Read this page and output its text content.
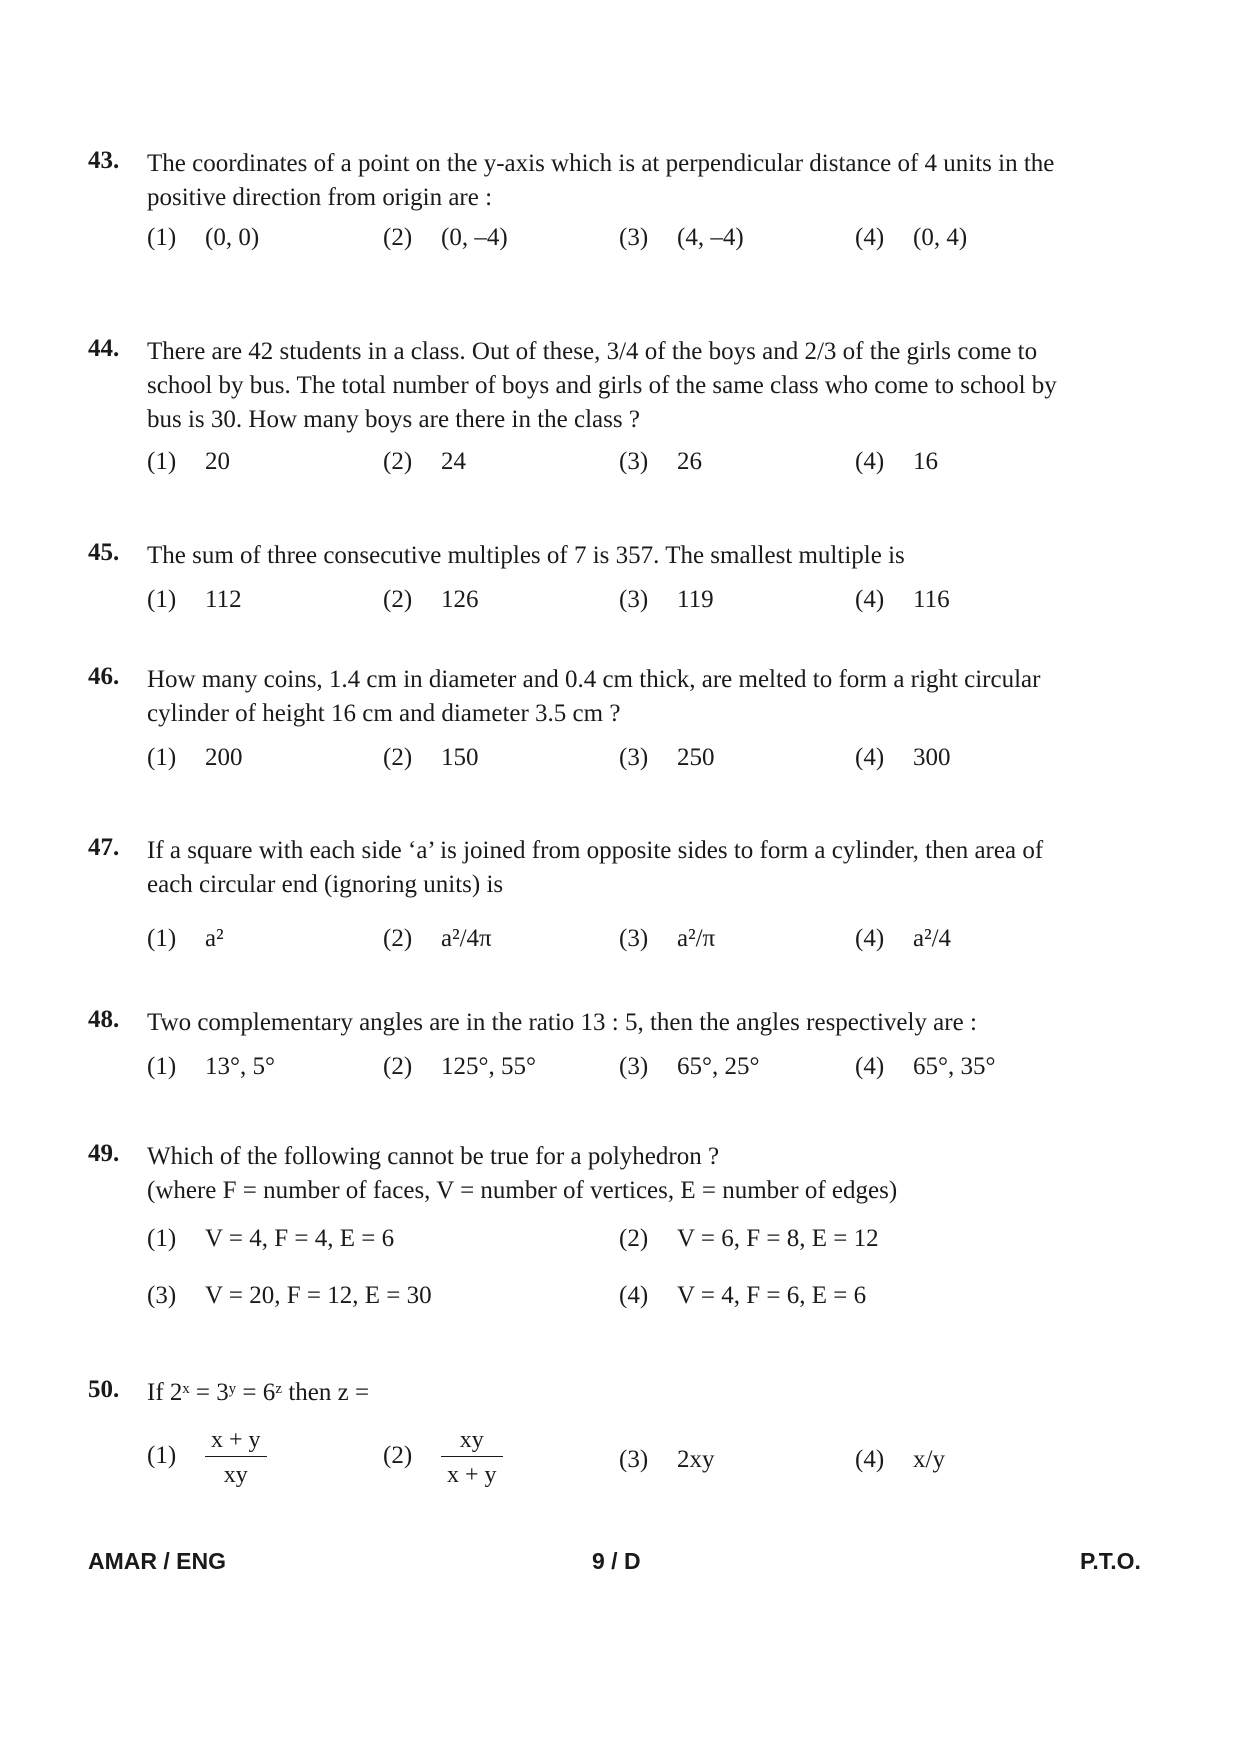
43. The coordinates of a point on the y-axis which is at perpendicular distance of 4 units in the
positive direction from origin are :
(1) (0, 0)	(2) (0, –4)	(3) (4, –4)	(4) (0, 4)
44. There are 42 students in a class. Out of these, 3/4 of the boys and 2/3 of the girls come to
school by bus. The total number of boys and girls of the same class who come to school by
bus is 30. How many boys are there in the class ?
(1) 20	(2) 24	(3) 26	(4) 16
45. The sum of three consecutive multiples of 7 is 357. The smallest multiple is
(1) 112	(2) 126	(3) 119	(4) 116
46. How many coins, 1.4 cm in diameter and 0.4 cm thick, are melted to form a right circular
cylinder of height 16 cm and diameter 3.5 cm ?
(1) 200	(2) 150	(3) 250	(4) 300
47. If a square with each side ‘a’ is joined from opposite sides to form a cylinder, then area of
each circular end (ignoring units) is
(1) a²	(2) a²/4π	(3) a²/π	(4) a²/4
48. Two complementary angles are in the ratio 13 : 5, then the angles respectively are :
(1) 13°, 5°	(2) 125°, 55°	(3) 65°, 25°	(4) 65°, 35°
49. Which of the following cannot be true for a polyhedron ?
(where F = number of faces, V = number of vertices, E = number of edges)
(1) V = 4, F = 4, E = 6	(2) V = 6, F = 8, E = 12
(3) V = 20, F = 12, E = 30	(4) V = 4, F = 6, E = 6
50. If 2ˣ = 3ʸ = 6ᶻ then z =
$(1) \frac{x + y}{xy}$	$(2) \frac{xy}{x + y}$	(3) 2xy	(4) x/y
AMAR / ENG	9 / D	P.T.O.
